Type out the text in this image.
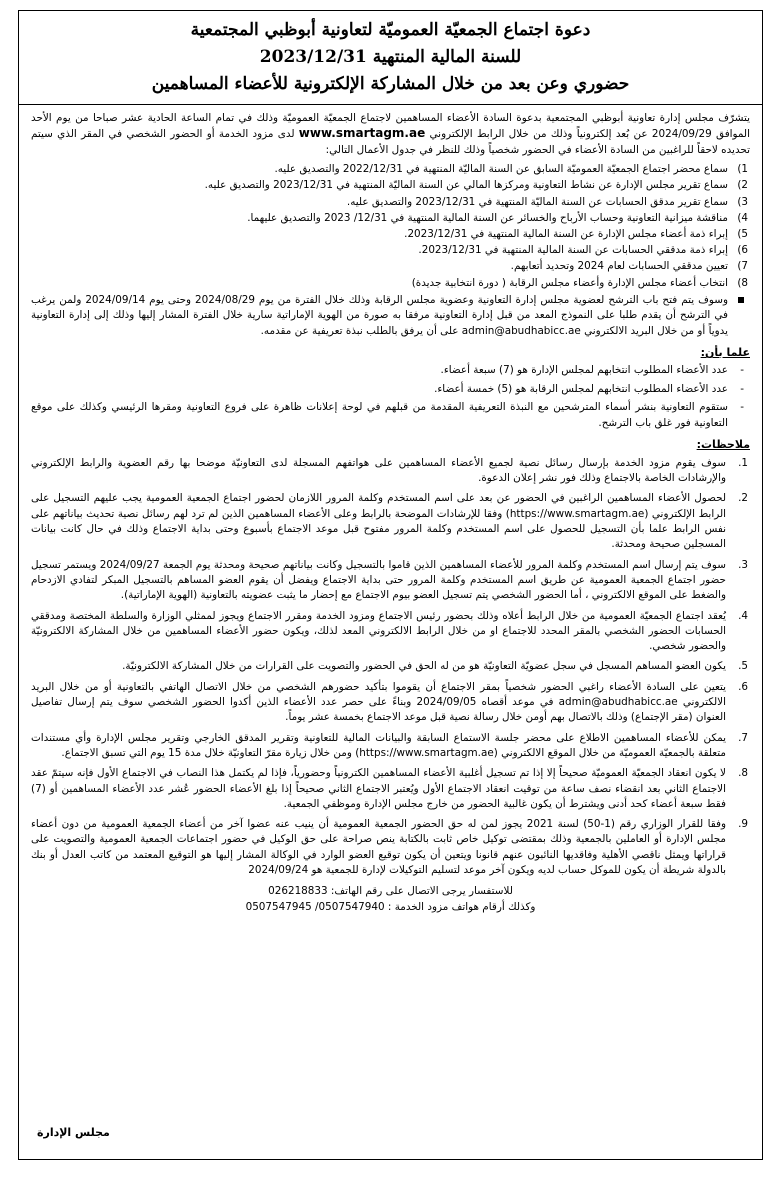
دعوة اجتماع الجمعيّة العموميّة لتعاونية أبوظبي المجتمعية
للسنة المالية المنتهية 2023/12/31
حضوري وعن بعد من خلال المشاركة الإلكترونية للأعضاء المساهمين

يتشرّف مجلس إدارة تعاونية أبوظبي المجتمعية بدعوة السادة الأعضاء المساهمين لاجتماع الجمعيّة العموميّة وذلك في تمام الساعة الحادية عشر صباحا من يوم الأحد الموافق 2024/09/29 عن بُعد إلكترونياً وذلك من خلال الرابط الإلكتروني www.smartagm.ae لدى مزود الخدمة أو الحضور الشخصي في المقر الذي سيتم تحديده لاحقاً للراغبين من السادة الأعضاء في الحضور شخصياً وذلك للنظر في جدول الأعمال التالي:

1)
سماع محضر اجتماع الجمعيّة العموميّة السابق عن السنة الماليّة المنتهية في 2022/12/31 والتصديق عليه.
2)
سماع تقرير مجلس الإدارة عن نشاط التعاونية ومركزها المالي عن السنة الماليّة المنتهية في 2023/12/31 والتصديق عليه.
3)
سماع تقرير مدقق الحسابات عن السنة الماليّة المنتهية في 2023/12/31 والتصديق عليه.
4)
مناقشة ميزانية التعاونية وحساب الأرباح والخسائر عن السنة المالية المنتهية في 12/31/ 2023 والتصديق عليهما.
5)
إبراء ذمة أعضاء مجلس الإدارة عن السنة المالية المنتهية في 2023/12/31.
6)
إبراء ذمة مدققي الحسابات عن السنة المالية المنتهية في 2023/12/31.
7)
تعيين مدققي الحسابات لعام 2024 وتحديد أتعابهم.
8)
انتخاب أعضاء مجلس الإدارة وأعضاء مجلس الرقابة ( دورة انتخابية جديدة)
وسوف يتم فتح باب الترشح لعضوية مجلس إدارة التعاونية وعضوية مجلس الرقابة وذلك خلال الفترة من يوم 2024/08/29 وحتى يوم 2024/09/14 ولمن يرغب في الترشح أن يقدم طلبا على النموذج المعد من قبل إدارة التعاونية مرفقا به صورة من الهوية الإماراتية سارية خلال الفترة المشار إليها وذلك إلى إدارة التعاونية يدوياً أو من خلال البريد الالكتروني admin@abudhabicc.ae على أن يرفق بالطلب نبذة تعريفية عن مقدمه.
علما بأن:
-
عدد الأعضاء المطلوب انتخابهم لمجلس الإدارة هو (7) سبعة أعضاء.
-
عدد الأعضاء المطلوب انتخابهم لمجلس الرقابة هو (5) خمسة أعضاء.
-
ستقوم التعاونية بنشر أسماء المترشحين مع النبذة التعريفية المقدمة من قبلهم في لوحة إعلانات ظاهرة على فروع التعاونية ومقرها الرئيسي وكذلك على موقع التعاونية فور غلق باب الترشح.
ملاحظات:
1.
سوف يقوم مزود الخدمة بإرسال رسائل نصية لجميع الأعضاء المساهمين على هواتفهم المسجلة لدى التعاونيّة موضحا بها رقم العضوية والرابط الإلكتروني والإرشادات الخاصة بالاجتماع وذلك فور نشر إعلان الدعوة.
2.
لحصول الأعضاء المساهمين الراغبين في الحضور عن بعد على اسم المستخدم وكلمة المرور اللازمان لحضور اجتماع الجمعية العمومية يجب عليهم التسجيل على الرابط الإلكتروني (https://www.smartagm.ae) وفقا للإرشادات الموضحة بالرابط وعلى الأعضاء المساهمين الذين لم ترد لهم رسائل نصية تحديث بياناتهم على نفس الرابط علما بأن التسجيل للحصول على اسم المستخدم وكلمة المرور مفتوح قبل موعد الاجتماع بأسبوع وحتى بداية الاجتماع وذلك في حال كانت بيانات المسجلين صحيحة ومحدثة.
3.
سوف يتم إرسال اسم المستخدم وكلمة المرور للأعضاء المساهمين الذين قاموا بالتسجيل وكانت بياناتهم صحيحة ومحدثة يوم الجمعة 2024/09/27 ويستمر تسجيل حضور اجتماع الجمعية العمومية عن طريق اسم المستخدم وكلمة المرور حتى بداية الاجتماع ويفضل أن يقوم العضو المساهم بالتسجيل المبكر لتفادي الازدحام والضغط على الموقع الالكتروني ، أما الحضور الشخصي يتم تسجيل العضو بيوم الاجتماع مع إحضار ما يثبت عضويته بالتعاونية (الهوية الإماراتية).
4.
يُعقد اجتماع الجمعيّة العمومية من خلال الرابط أعلاه وذلك بحضور رئيس الاجتماع ومزود الخدمة ومقرر الاجتماع ويجوز لممثلي الوزارة والسلطة المختصة ومدققي الحسابات الحضور الشخصي بالمقر المحدد للاجتماع او من خلال الرابط الالكتروني المعد لذلك، ويكون حضور الأعضاء المساهمين من خلال المشاركة الالكترونيّة والحضور شخصي.
5.
يكون العضو المساهم المسجل في سجل عضويّة التعاونيّة هو من له الحق في الحضور والتصويت على القرارات من خلال المشاركة الالكترونيّة.
6.
يتعين على السادة الأعضاء راغبي الحضور شخصياً بمقر الاجتماع أن يقوموا بتأكيد حضورهم الشخصي من خلال الاتصال الهاتفي بالتعاونية أو من خلال البريد الالكتروني admin@abudhabicc.ae في موعد أقصاه 2024/09/05 وبناءً على حصر عدد الأعضاء الذين أكدوا الحضور الشخصي سوف يتم إرسال تفاصيل العنوان (مقر الإجتماع) وذلك بالاتصال بهم أومن خلال رسالة نصية قبل موعد الاجتماع بخمسة عشر يوماً.
7.
يمكن للأعضاء المساهمين الاطلاع على محضر جلسة الاستماع السابقة والبيانات المالية للتعاونية وتقرير المدقق الخارجي وتقرير مجلس الإدارة وأي مستندات متعلقة بالجمعيّة العموميّة من خلال الموقع الالكتروني (https://www.smartagm.ae) ومن خلال زيارة مقرّ التعاونيّة خلال مدة 15 يوم التي تسبق الاجتماع.
8.
لا يكون انعقاد الجمعيّة العموميّة صحيحاً إلا إذا تم تسجيل أغلبية الأعضاء المساهمين الكترونياً وحضورياً، فإذا لم يكتمل هذا النصاب في الاجتماع الأول فإنه سيتمّ عقد الاجتماع الثاني بعد انقضاء نصف ساعة من توقيت انعقاد الاجتماع الأول ويُعتبر الاجتماع الثاني صحيحاً إذا بلغ الأعضاء الحضور عُشر عدد الأعضاء المساهمين أو (7) فقط سبعة أعضاء كحد أدنى ويشترط أن يكون غالبية الحضور من خارج مجلس الإدارة وموظفي الجمعية.
9.
وفقا للقرار الوزاري رقم (1-50) لسنة 2021 يجوز لمن له حق الحضور الجمعية العمومية أن ينيب عنه عضوا آخر من أعضاء الجمعية العمومية من دون أعضاء مجلس الإدارة أو العاملين بالجمعية وذلك بمقتضى توكيل خاص ثابت بالكتابة ينص صراحة على حق الوكيل في حضور اجتماعات الجمعية العمومية والتصويت على قراراتها ويمثل ناقصي الأهلية وفاقديها النائبون عنهم قانونا ويتعين أن يكون توقيع العضو الوارد في الوكالة المشار إليها هو التوقيع المعتمد من كاتب العدل أو بنك بالدولة شريطة أن يكون للموكل حساب لديه ويكون آخر موعد لتسليم التوكيلات لإدارة للجمعية هو 2024/09/24
للاستفسار يرجى الاتصال على رقم الهاتف: 026218833
وكذلك أرقام هواتف مزود الخدمة : 0507547940/ 0507547945
مجلس الإدارة
